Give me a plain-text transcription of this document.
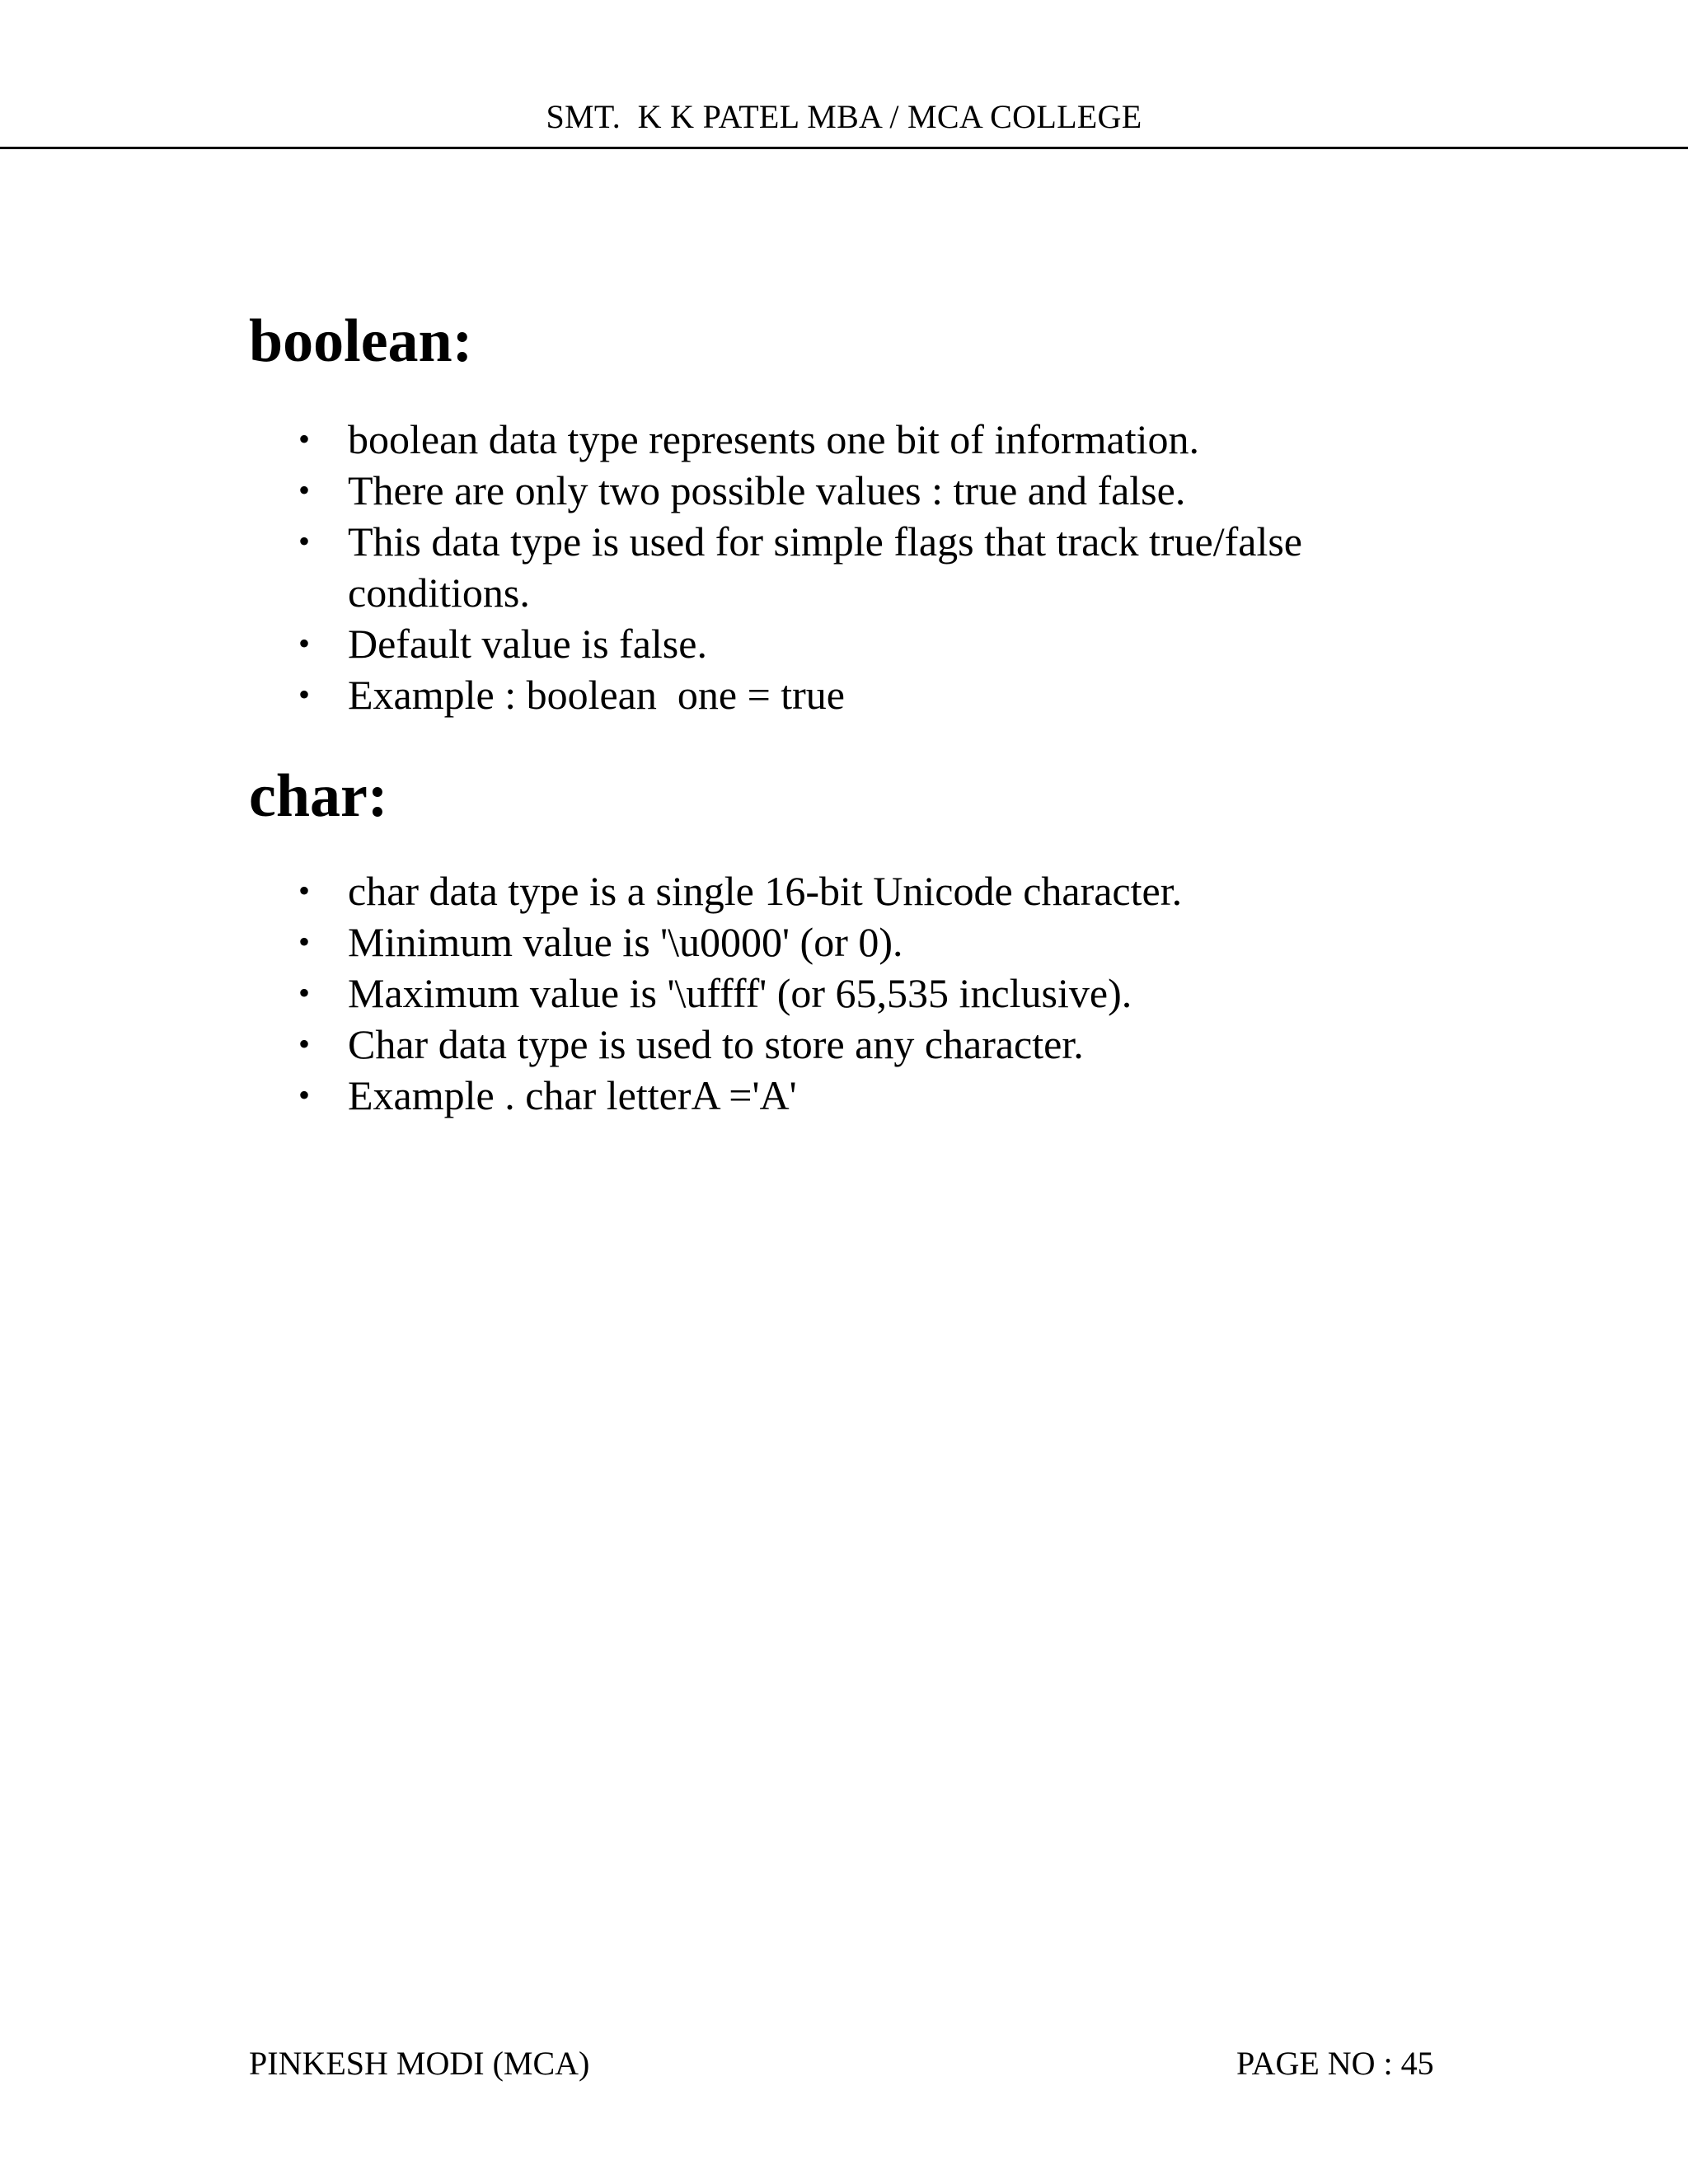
SMT.  K K PATEL MBA / MCA COLLEGE
boolean:
• boolean data type represents one bit of information.
• There are only two possible values : true and false.
• This data type is used for simple flags that track true/false conditions.
• Default value is false.
• Example : boolean  one = true
char:
• char data type is a single 16-bit Unicode character.
• Minimum value is '\u0000' (or 0).
• Maximum value is '\uffff' (or 65,535 inclusive).
• Char data type is used to store any character.
• Example . char letterA ='A'
PINKESH MODI (MCA)	PAGE NO : 45
